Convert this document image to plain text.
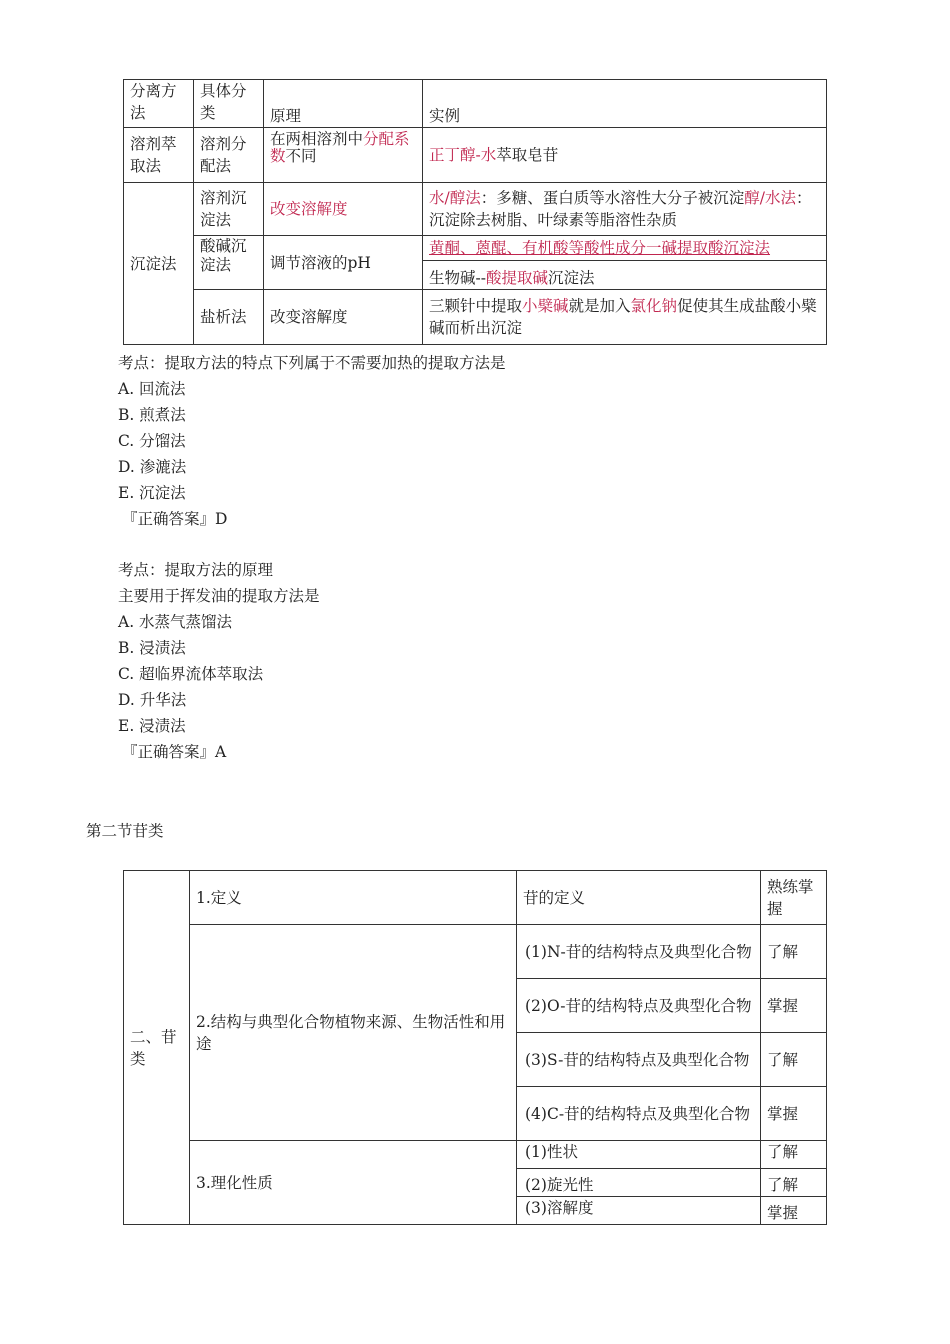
分离方法	具体分类	原理	实例
溶剂萃取法	溶剂分配法	在两相溶剂中分配系数不同	正丁醇-水萃取皂苷
沉淀法	溶剂沉淀法	改变溶解度	水/醇法：多糖、蛋白质等水溶性大分子被沉淀醇/水法：沉淀除去树脂、叶绿素等脂溶性杂质
	酸碱沉淀法	调节溶液的pH	黄酮、蒽醌、有机酸等酸性成分一碱提取酸沉淀法
			生物碱--酸提取碱沉淀法
	盐析法	改变溶解度	三颗针中提取小檗碱就是加入氯化钠促使其生成盐酸小檗碱而析出沉淀
考点：提取方法的特点下列属于不需要加热的提取方法是
A. 回流法
B. 煎煮法
C. 分馏法
D. 渗漉法
E. 沉淀法
『正确答案』D
考点：提取方法的原理
主要用于挥发油的提取方法是
A. 水蒸气蒸馏法
B. 浸渍法
C. 超临界流体萃取法
D. 升华法
E. 浸渍法
『正确答案』A
第二节苷类
二、苷类	1.定义	苷的定义	熟练掌握
	2.结构与典型化合物植物来源、生物活性和用途	(1)N-苷的结构特点及典型化合物	了解
		(2)O-苷的结构特点及典型化合物	掌握
		(3)S-苷的结构特点及典型化合物	了解
		(4)C-苷的结构特点及典型化合物	掌握
	3.理化性质	(1)性状	了解
		(2)旋光性	了解
		(3)溶解度	掌握
